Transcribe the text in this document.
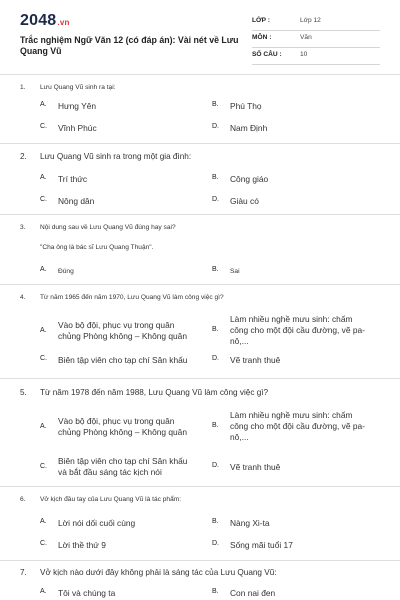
2048.vn
Trắc nghiệm Ngữ Văn 12 (có đáp án): Vài nét về Lưu Quang Vũ
LỚP :	Lớp 12
MÔN :	Văn
SỐ CÂU :	10
1. Lưu Quang Vũ sinh ra tại:
A. Hưng Yên	B. Phú Thọ
C. Vĩnh Phúc	D. Nam Định
2. Lưu Quang Vũ sinh ra trong một gia đình:
A. Trí thức	B. Công giáo
C. Nông dân	D. Giàu có
3. Nội dung sau về Lưu Quang Vũ đúng hay sai?
"Cha ông là bác sĩ Lưu Quang Thuận".
A. Đúng	B. Sai
4. Từ năm 1965 đến năm 1970, Lưu Quang Vũ làm công việc gì?
A.
Vào bộ đội, phục vụ trong quân chủng Phòng không – Không quân
B.
Làm nhiều nghề mưu sinh: chấm công cho một đội cầu đường, vẽ pa-nô,...
C. Biên tập viên cho tạp chí Sân khấu	D. Vẽ tranh thuê
5. Từ năm 1978 đến năm 1988, Lưu Quang Vũ làm công việc gì?
A.
Vào bộ đội, phục vụ trong quân chủng Phòng không – Không quân
B.
Làm nhiều nghề mưu sinh: chấm công cho một đội cầu đường, vẽ pa-nô,...
C.
Biên tập viên cho tạp chí Sân khấu và bắt đầu sáng tác kịch nói
D. Vẽ tranh thuê
6. Vở kịch đầu tay của Lưu Quang Vũ là tác phẩm:
A. Lời nói dối cuối cùng	B. Nàng Xi-ta
C. Lời thề thứ 9	D. Sống mãi tuổi 17
7. Vở kịch nào dưới đây không phải là sáng tác của Lưu Quang Vũ:
A. Tôi và chúng ta	B. Con nai đen
